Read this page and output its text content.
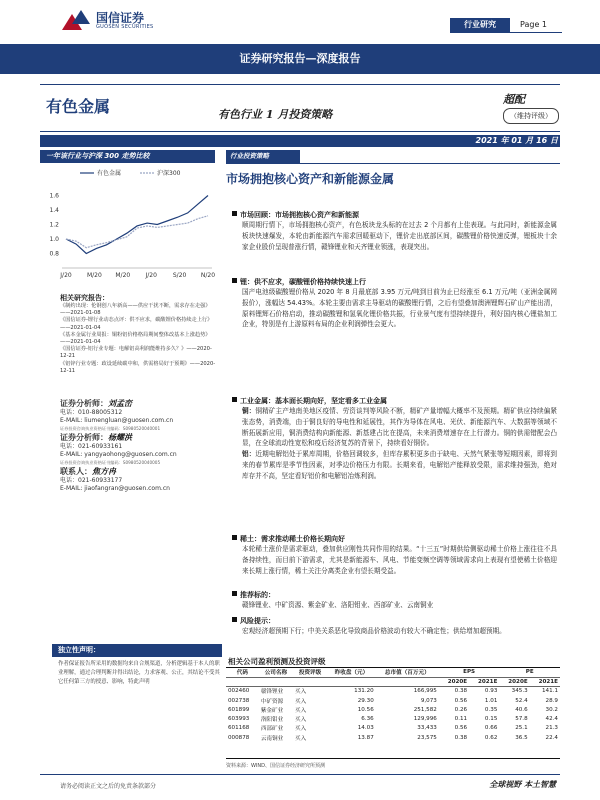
国信证券
GUOSEN SECURITIES	行业研究	Page 1
证券研究报告—深度报告
有色金属	有色行业 1 月投资策略
超配
（维持评级）
2021 年 01 月 16 日
一年该行业与沪深 300 走势比较
有色金属	沪深300
1.6
1.4
1.2
1.0
0.8
J/20	M/20 M/20	J/20	S/20 N/20
相关研究报告：
《制约出现：伦钢创八年新高——供应干扰不断，需求存在走强》——2021-01-08
《国信证券-锂行业动态点评：供不应求，碳酸锂价格持续走上行》——2021-01-04
《基本金属行业周报：铜粉铝价格格局期间整体改基本上涨趋势》——2021-01-04
《国信证券-铝行业专题：电解铝高利润能维持多久？》——2020-12-21
《铝锌行业专题：政设延续碳中和，供需格局好于预期》——2020-12-11
证券分析师：刘孟峦
电话：010-88005312
E-MAIL: liumengluan@guosen.com.cn
证券投资咨询执业资格证书编码：S0980520040001
证券分析师：杨耀洪
电话：021-60933161
E-MAIL: yangyaohong@guosen.com.cn
证券投资咨询执业资格证书编码：S0980520040005
联系人：焦方冉
电话：021-60933177
E-MAIL: jiaofangran@guosen.com.cn
独立性声明：
作者保证报告所采用的数据均来自合规渠道，分析逻辑基于本人的职业理解，通过合理判断并得出结论，力求客观、公正，其结论不受其它任何第三方的授意、影响，特此声明
行业投资策略
市场拥抱核心资产和新能源金属
市场回顾：市场拥抱核心资产和新能源
顺周期行情下，市场拥抱核心资产，有色板块龙头标的在过去 2 个月都有上佳表现。与此同时，新能源金属板块快速爆发，本轮由新能源汽车需求回暖驱动下，锂价走出底部区间，碳酸锂价格快速反弹，锂板块十余家企业股价呈现普涨行情，赣锋锂业和天齐锂业领涨，表现突出。
锂：供不应求，碳酸锂价格持续快速上行
国产电池级碳酸锂价格从 2020 年 8 月最底部 3.95 万元/吨到目前为止已经涨至 6.1 万元/吨（亚洲金属网报价），涨幅达 54.43%。本轮主要由需求主导驱动的碳酸锂行情，之后有望叠加澳洲锂辉石矿山产能出清，原料锂辉石价格启动，推动碳酸锂和氢氧化锂价格共振，行业景气度有望持续提升，利好国内核心锂盐加工企业，特别是有上游原料布局的企业利润弹性会更大。
工业金属：基本面长期向好，坚定看多工业金属
铜：铜精矿主产地南美地区疫情、劳资谈判等风险不断，精矿产量增幅大概率不及预期。精矿供应持续偏紧张态势，消费端，由于铜良好的导电性和延展性，其作为导体在风电、光伏、新能源汽车、大数据等领域不断拓展新应用，铜消费结构向新能源、新基建占比在提高，未来消费增速存在上行潜力。铜的供需错配会凸显，在全球流动性宽松和疫后经济复苏的背景下，持续看好铜价。
铝：近期电解铝处于累库周期，价格回调较多，但库存累积更多由于缺电、天然气紧张等短期因素，即将到来的春节累库是季节性因素，对季边价格压力有限。长期来看，电解铝产能释放受限，需求维持强劲，绝对库存并不高，坚定看好铝价和电解铝冶炼利润。
稀土：需求推动稀土价格长期向好
本轮稀土涨价是需求驱动，叠加供应刚性共同作用的结果。“十三五”时期供给侧驱动稀土价格上涨往往不具备持续性，而目前下游需求，尤其是新能源车、风电、节能变频空调等领域需求向上表现有望使稀土价格迎来长期上涨行情，稀土关注分离类企业有望长期受益。
推荐标的：
赣锋锂业、中矿资源、紫金矿业、洛阳钼业、西部矿业、云南铜业
风险提示：
宏观经济超预期下行；中美关系恶化导致商品价格波动有较大不确定性；供给增加超预期。
相关公司盈利预测及投资评级
代码	公司名称	投资评级	昨收盘（元）	总市值（百万元）	EPS		PE	
					2020E	2021E	2020E	2021E
002460	赣锋锂业	买入	131.20	166,995	0.38	0.93	345.3	141.1
002738	中矿资源	买入	29.30	9,073	0.56	1.01	52.4	28.9
601899	紫金矿业	买入	10.56	251,582	0.26	0.35	40.6	30.2
603993	洛阳钼业	买入	6.36	129,996	0.11	0.15	57.8	42.4
601168	西部矿业	买入	14.03	33,433	0.56	0.66	25.1	21.3
000878	云南铜业	买入	13.87	23,575	0.38	0.62	36.5	22.4
资料来源：WIND、国信证券经济研究所预测
请务必阅读正文之后的免责条款部分	全球视野 本土智慧
